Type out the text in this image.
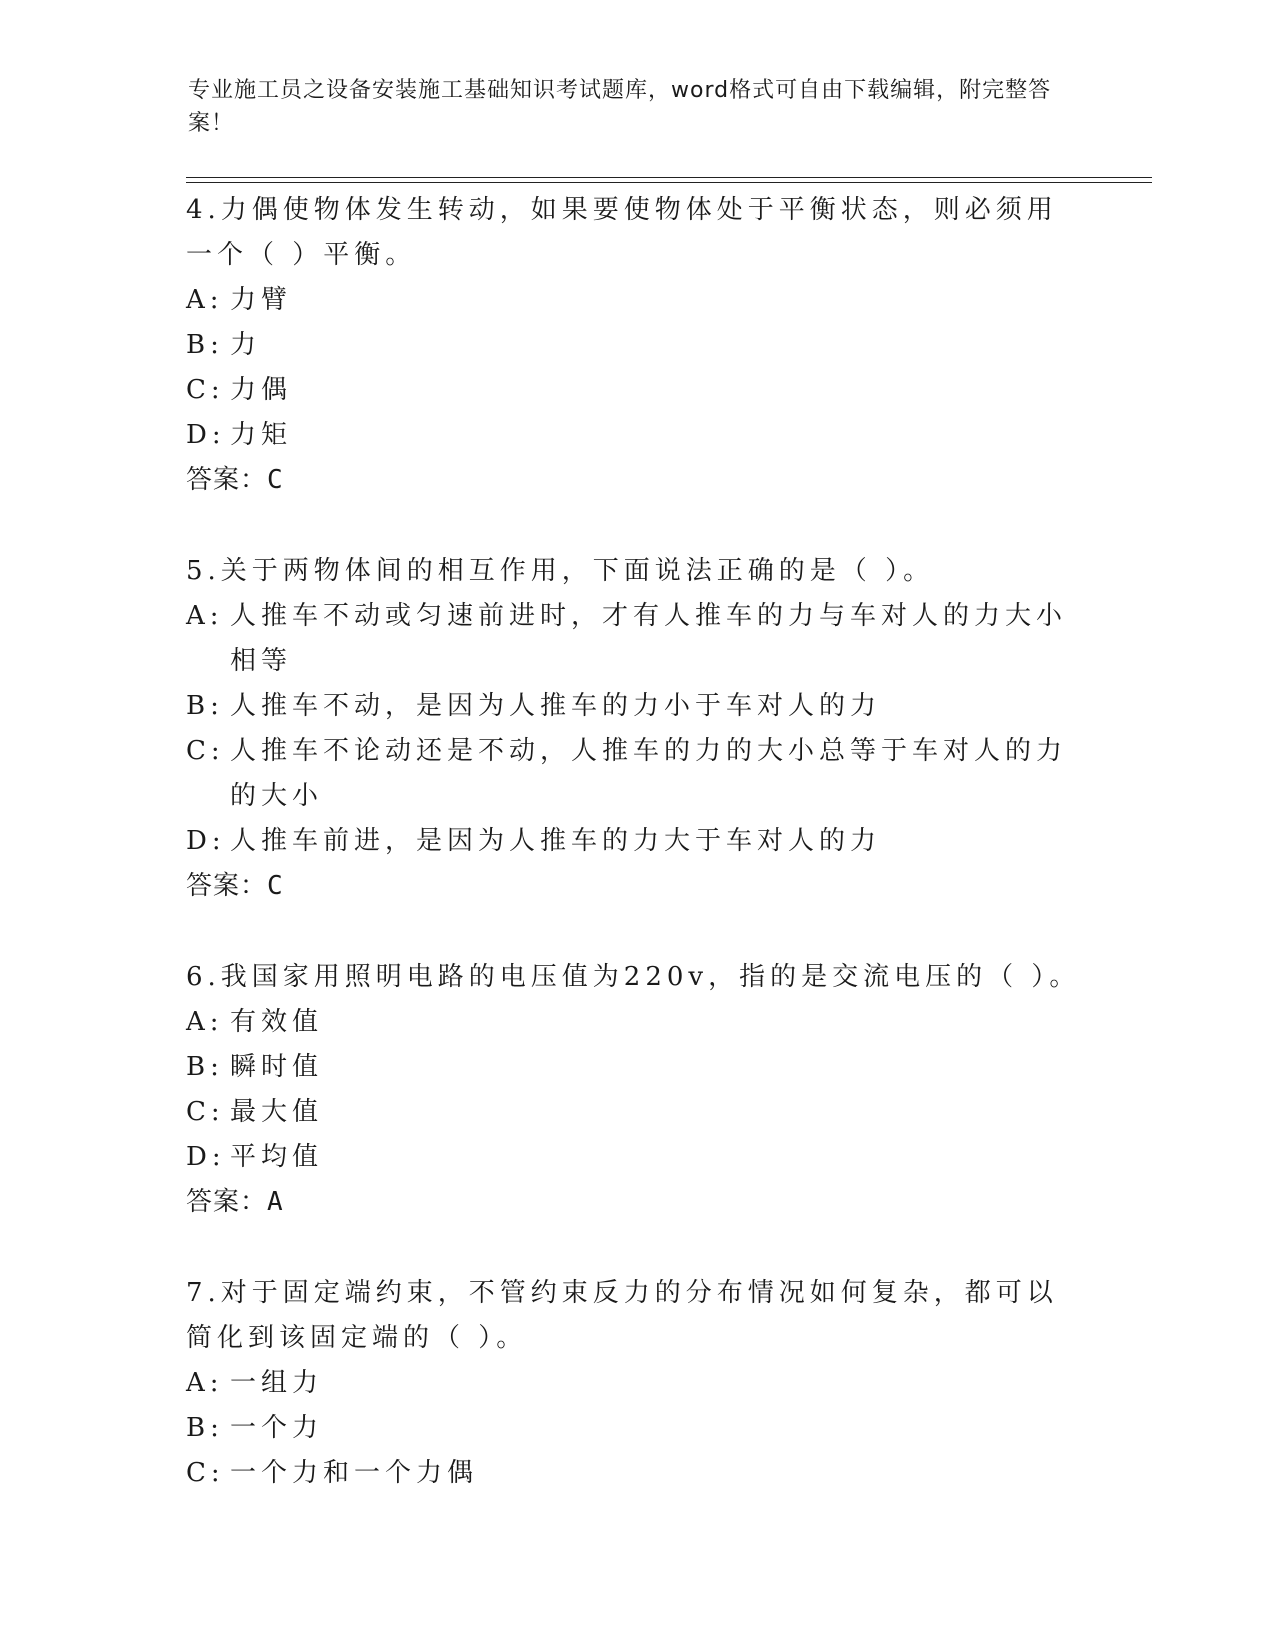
专业施工员之设备安装施工基础知识考试题库，word格式可自由下载编辑，附完整答案！
4.力偶使物体发生转动，如果要使物体处于平衡状态，则必须用一个（ ）平衡。
A: 力臂
B: 力
C: 力偶
D: 力矩
答案：C
5.关于两物体间的相互作用，下面说法正确的是（ ）。
A: 人推车不动或匀速前进时，才有人推车的力与车对人的力大小相等
B: 人推车不动，是因为人推车的力小于车对人的力
C: 人推车不论动还是不动，人推车的力的大小总等于车对人的力的大小
D: 人推车前进，是因为人推车的力大于车对人的力
答案：C
6.我国家用照明电路的电压值为220v，指的是交流电压的（ ）。
A: 有效值
B: 瞬时值
C: 最大值
D: 平均值
答案：A
7.对于固定端约束，不管约束反力的分布情况如何复杂，都可以简化到该固定端的（ ）。
A: 一组力
B: 一个力
C: 一个力和一个力偶
